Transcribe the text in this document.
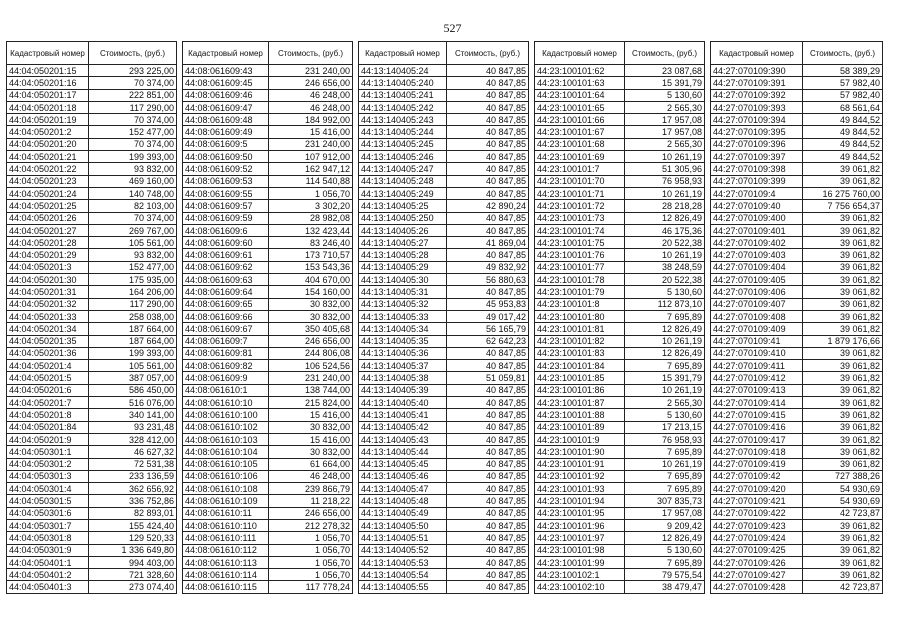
527
Кадастровый номер	Стоимость, (руб.)
44:04:050201:15	293 225,00
44:04:050201:16	70 374,00
44:04:050201:17	222 851,00
44:04:050201:18	117 290,00
44:04:050201:19	70 374,00
44:04:050201:2	152 477,00
44:04:050201:20	70 374,00
44:04:050201:21	199 393,00
44:04:050201:22	93 832,00
44:04:050201:23	469 160,00
44:04:050201:24	140 748,00
44:04:050201:25	82 103,00
44:04:050201:26	70 374,00
44:04:050201:27	269 767,00
44:04:050201:28	105 561,00
44:04:050201:29	93 832,00
44:04:050201:3	152 477,00
44:04:050201:30	175 935,00
44:04:050201:31	164 206,00
44:04:050201:32	117 290,00
44:04:050201:33	258 038,00
44:04:050201:34	187 664,00
44:04:050201:35	187 664,00
44:04:050201:36	199 393,00
44:04:050201:4	105 561,00
44:04:050201:5	387 057,00
44:04:050201:6	586 450,00
44:04:050201:7	516 076,00
44:04:050201:8	340 141,00
44:04:050201:84	93 231,48
44:04:050201:9	328 412,00
44:04:050301:1	46 627,32
44:04:050301:2	72 531,38
44:04:050301:3	233 136,59
44:04:050301:4	362 656,92
44:04:050301:5	336 752,86
44:04:050301:6	82 893,01
44:04:050301:7	155 424,40
44:04:050301:8	129 520,33
44:04:050301:9	1 336 649,80
44:04:050401:1	994 403,00
44:04:050401:2	721 328,60
44:04:050401:3	273 074,40
Кадастровый номер	Стоимость, (руб.)
44:08:061609:43	231 240,00
44:08:061609:45	246 656,00
44:08:061609:46	46 248,00
44:08:061609:47	46 248,00
44:08:061609:48	184 992,00
44:08:061609:49	15 416,00
44:08:061609:5	231 240,00
44:08:061609:50	107 912,00
44:08:061609:52	162 947,12
44:08:061609:53	114 540,88
44:08:061609:55	1 056,70
44:08:061609:57	3 302,20
44:08:061609:59	28 982,08
44:08:061609:6	132 423,44
44:08:061609:60	83 246,40
44:08:061609:61	173 710,57
44:08:061609:62	153 543,36
44:08:061609:63	404 670,00
44:08:061609:64	154 160,00
44:08:061609:65	30 832,00
44:08:061609:66	30 832,00
44:08:061609:67	350 405,68
44:08:061609:7	246 656,00
44:08:061609:81	244 806,08
44:08:061609:82	106 524,56
44:08:061609:9	231 240,00
44:08:061610:1	138 744,00
44:08:061610:10	215 824,00
44:08:061610:100	15 416,00
44:08:061610:102	30 832,00
44:08:061610:103	15 416,00
44:08:061610:104	30 832,00
44:08:061610:105	61 664,00
44:08:061610:106	46 248,00
44:08:061610:108	239 866,79
44:08:061610:109	11 218,22
44:08:061610:11	246 656,00
44:08:061610:110	212 278,32
44:08:061610:111	1 056,70
44:08:061610:112	1 056,70
44:08:061610:113	1 056,70
44:08:061610:114	1 056,70
44:08:061610:115	117 778,24
Кадастровый номер	Стоимость, (руб.)
44:13:140405:24	40 847,85
44:13:140405:240	40 847,85
44:13:140405:241	40 847,85
44:13:140405:242	40 847,85
44:13:140405:243	40 847,85
44:13:140405:244	40 847,85
44:13:140405:245	40 847,85
44:13:140405:246	40 847,85
44:13:140405:247	40 847,85
44:13:140405:248	40 847,85
44:13:140405:249	40 847,85
44:13:140405:25	42 890,24
44:13:140405:250	40 847,85
44:13:140405:26	40 847,85
44:13:140405:27	41 869,04
44:13:140405:28	40 847,85
44:13:140405:29	49 832,92
44:13:140405:30	56 880,63
44:13:140405:31	40 847,85
44:13:140405:32	45 953,83
44:13:140405:33	49 017,42
44:13:140405:34	56 165,79
44:13:140405:35	62 642,23
44:13:140405:36	40 847,85
44:13:140405:37	40 847,85
44:13:140405:38	51 059,81
44:13:140405:39	40 847,85
44:13:140405:40	40 847,85
44:13:140405:41	40 847,85
44:13:140405:42	40 847,85
44:13:140405:43	40 847,85
44:13:140405:44	40 847,85
44:13:140405:45	40 847,85
44:13:140405:46	40 847,85
44:13:140405:47	40 847,85
44:13:140405:48	40 847,85
44:13:140405:49	40 847,85
44:13:140405:50	40 847,85
44:13:140405:51	40 847,85
44:13:140405:52	40 847,85
44:13:140405:53	40 847,85
44:13:140405:54	40 847,85
44:13:140405:55	40 847,85
Кадастровый номер	Стоимость, (руб.)
44:23:100101:62	23 087,68
44:23:100101:63	15 391,79
44:23:100101:64	5 130,60
44:23:100101:65	2 565,30
44:23:100101:66	17 957,08
44:23:100101:67	17 957,08
44:23:100101:68	2 565,30
44:23:100101:69	10 261,19
44:23:100101:7	51 305,96
44:23:100101:70	76 958,93
44:23:100101:71	10 261,19
44:23:100101:72	28 218,28
44:23:100101:73	12 826,49
44:23:100101:74	46 175,36
44:23:100101:75	20 522,38
44:23:100101:76	10 261,19
44:23:100101:77	38 248,59
44:23:100101:78	20 522,38
44:23:100101:79	5 130,60
44:23:100101:8	112 873,10
44:23:100101:80	7 695,89
44:23:100101:81	12 826,49
44:23:100101:82	10 261,19
44:23:100101:83	12 826,49
44:23:100101:84	7 695,89
44:23:100101:85	15 391,79
44:23:100101:86	10 261,19
44:23:100101:87	2 565,30
44:23:100101:88	5 130,60
44:23:100101:89	17 213,15
44:23:100101:9	76 958,93
44:23:100101:90	7 695,89
44:23:100101:91	10 261,19
44:23:100101:92	7 695,89
44:23:100101:93	7 695,89
44:23:100101:94	307 835,73
44:23:100101:95	17 957,08
44:23:100101:96	9 209,42
44:23:100101:97	12 826,49
44:23:100101:98	5 130,60
44:23:100101:99	7 695,89
44:23:100102:1	79 575,54
44:23:100102:10	38 479,47
Кадастровый номер	Стоимость, (руб.)
44:27:070109:390	58 389,29
44:27:070109:391	57 982,40
44:27:070109:392	57 982,40
44:27:070109:393	68 561,64
44:27:070109:394	49 844,52
44:27:070109:395	49 844,52
44:27:070109:396	49 844,52
44:27:070109:397	49 844,52
44:27:070109:398	39 061,82
44:27:070109:399	39 061,82
44:27:070109:4	16 275 760,00
44:27:070109:40	7 756 654,37
44:27:070109:400	39 061,82
44:27:070109:401	39 061,82
44:27:070109:402	39 061,82
44:27:070109:403	39 061,82
44:27:070109:404	39 061,82
44:27:070109:405	39 061,82
44:27:070109:406	39 061,82
44:27:070109:407	39 061,82
44:27:070109:408	39 061,82
44:27:070109:409	39 061,82
44:27:070109:41	1 879 176,66
44:27:070109:410	39 061,82
44:27:070109:411	39 061,82
44:27:070109:412	39 061,82
44:27:070109:413	39 061,82
44:27:070109:414	39 061,82
44:27:070109:415	39 061,82
44:27:070109:416	39 061,82
44:27:070109:417	39 061,82
44:27:070109:418	39 061,82
44:27:070109:419	39 061,82
44:27:070109:42	727 388,26
44:27:070109:420	54 930,69
44:27:070109:421	54 930,69
44:27:070109:422	42 723,87
44:27:070109:423	39 061,82
44:27:070109:424	39 061,82
44:27:070109:425	39 061,82
44:27:070109:426	39 061,82
44:27:070109:427	39 061,82
44:27:070109:428	42 723,87
